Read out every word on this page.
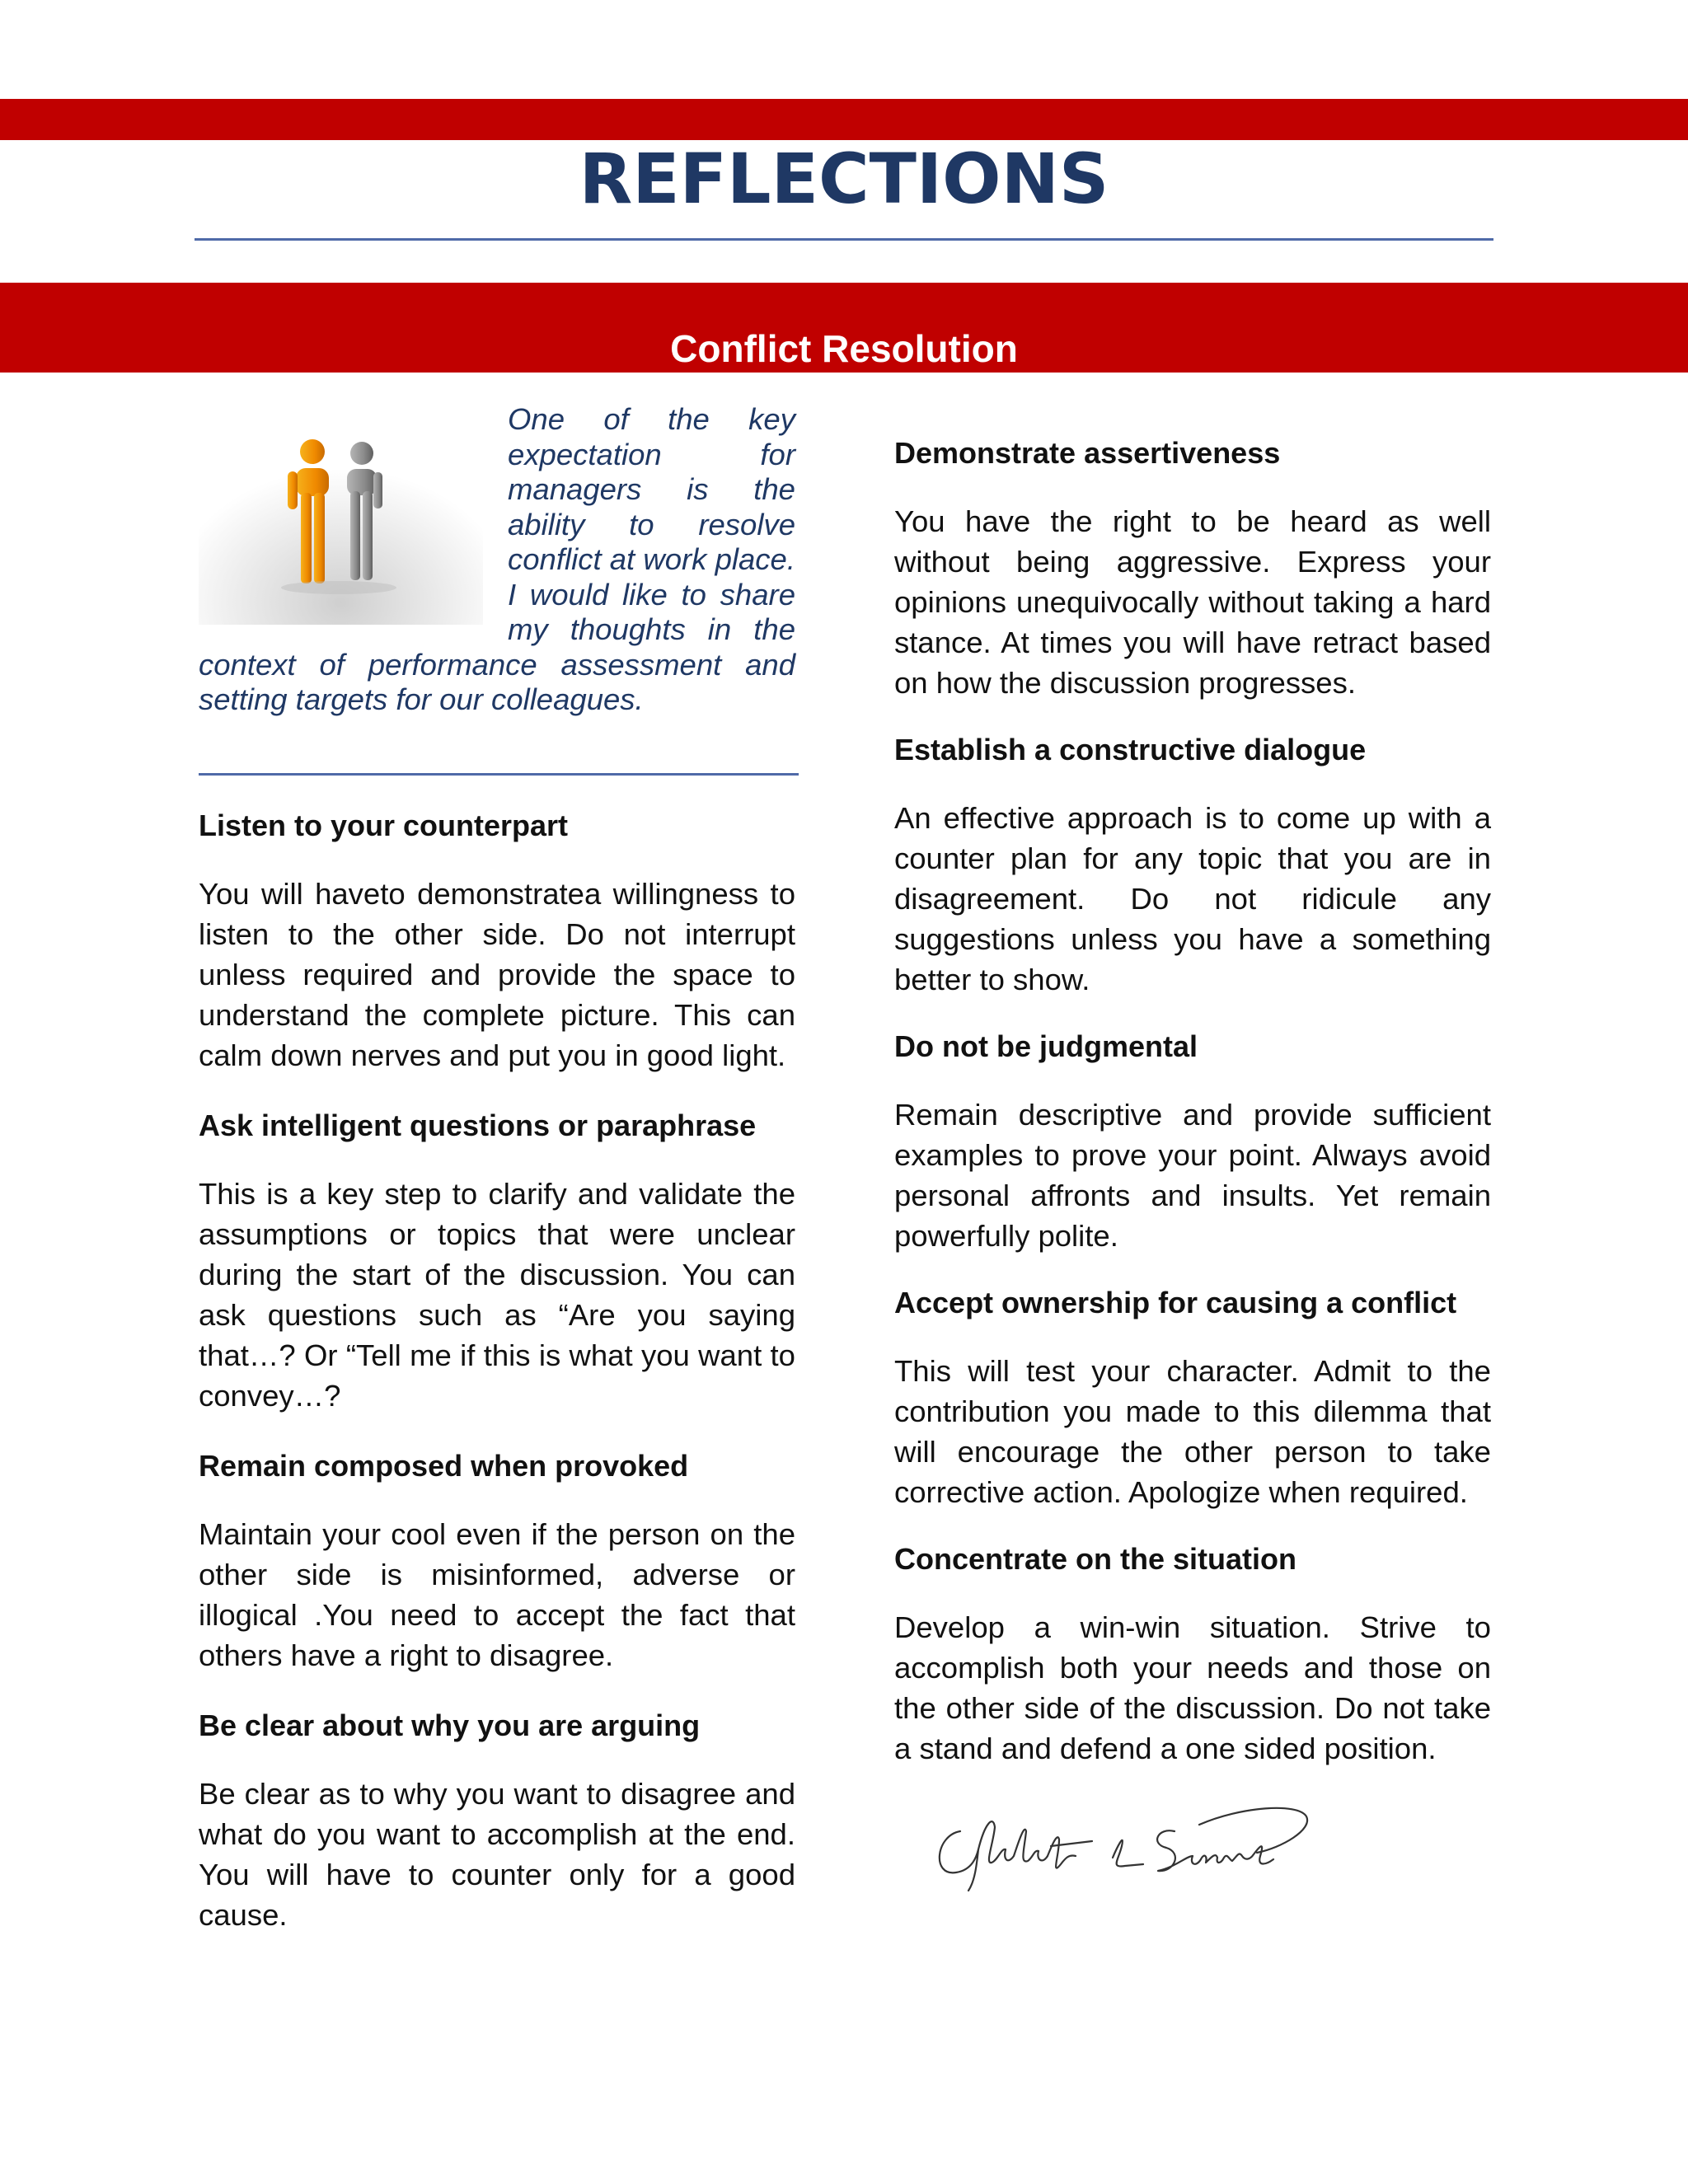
REFLECTIONS
Conflict Resolution

One of the key expectation for managers is the ability to resolve conflict at work place. I would like to share my thoughts in the context of performance assessment and setting targets for our colleagues.

Listen to your counterpart

You will haveto demonstratea willingness to listen to the other side. Do not interrupt unless required and provide the space to understand the complete picture. This can calm down nerves and put you in good light.

Ask intelligent questions or paraphrase

This is a key step to clarify and validate the assumptions or topics that were unclear during the start of the discussion. You can ask questions such as “Are you saying that…? Or “Tell me if this is what you want to convey…?

Remain composed when provoked

Maintain your cool even if the person on the other side is misinformed, adverse or illogical .You need to accept the fact that others have a right to disagree.

Be clear about why you are arguing

Be clear as to why you want to disagree and what do you want to accomplish at the end. You will have to counter only for a good cause.

Demonstrate assertiveness

You have the right to be heard as well without being aggressive. Express your opinions unequivocally without taking a hard stance. At times you will have retract based on how the discussion progresses.

Establish a constructive dialogue

An effective approach is to come up with a counter plan for any topic that you are in disagreement. Do not ridicule any suggestions unless you have a something better to show.

Do not be judgmental

Remain descriptive and provide sufficient examples to prove your point. Always avoid personal affronts and insults. Yet remain powerfully polite.

Accept ownership for causing a conflict

This will test your character. Admit to the contribution you made to this dilemma that will encourage the other person to take corrective action. Apologize when required.

Concentrate on the situation

Develop a win-win situation. Strive to accomplish both your needs and those on the other side of the discussion. Do not take a stand and defend a one sided position.
